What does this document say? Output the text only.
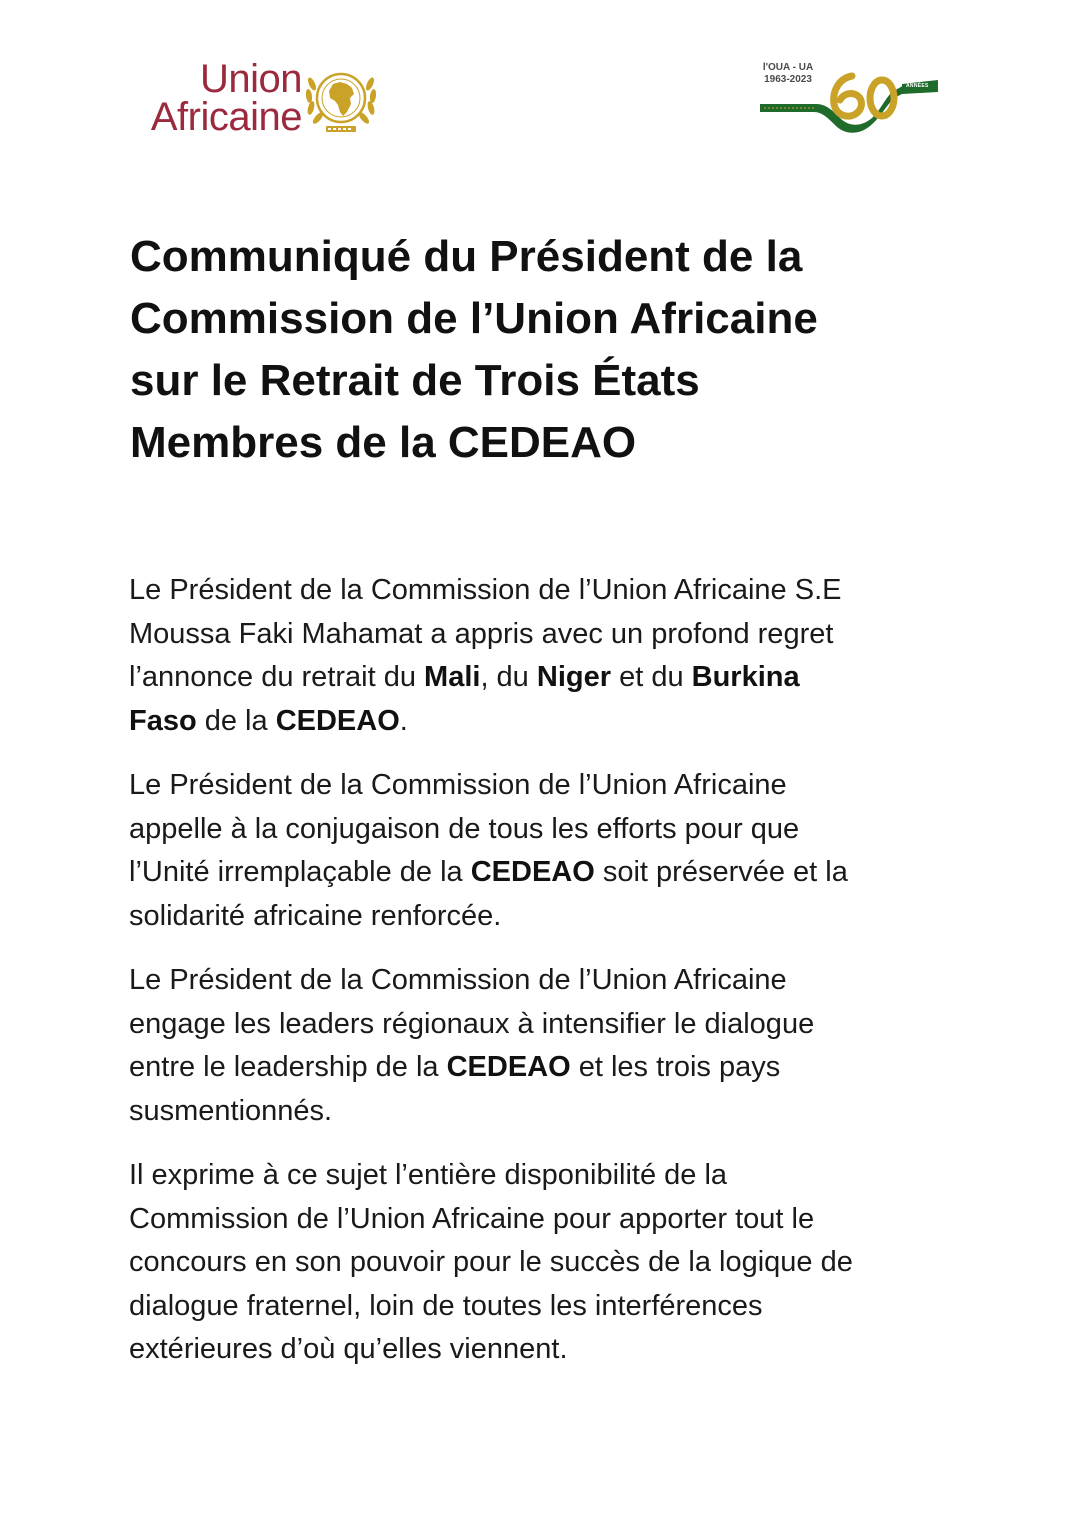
Union
Africaine
l'OUA - UA
1963-2023
ANNÉES
Communiqué du Président de la
Commission de l’Union Africaine
sur le Retrait de Trois États
Membres de la CEDEAO

Le Président de la Commission de l’Union Africaine S.E
Moussa Faki Mahamat a appris avec un profond regret
l’annonce du retrait du Mali, du Niger et du Burkina
Faso de la CEDEAO.

Le Président de la Commission de l’Union Africaine
appelle à la conjugaison de tous les efforts pour que
l’Unité irremplaçable de la CEDEAO soit préservée et la
solidarité africaine renforcée.

Le Président de la Commission de l’Union Africaine
engage les leaders régionaux à intensifier le dialogue
entre le leadership de la CEDEAO et les trois pays
susmentionnés.

Il exprime à ce sujet l’entière disponibilité de la
Commission de l’Union Africaine pour apporter tout le
concours en son pouvoir pour le succès de la logique de
dialogue fraternel, loin de toutes les interférences
extérieures d’où qu’elles viennent.
